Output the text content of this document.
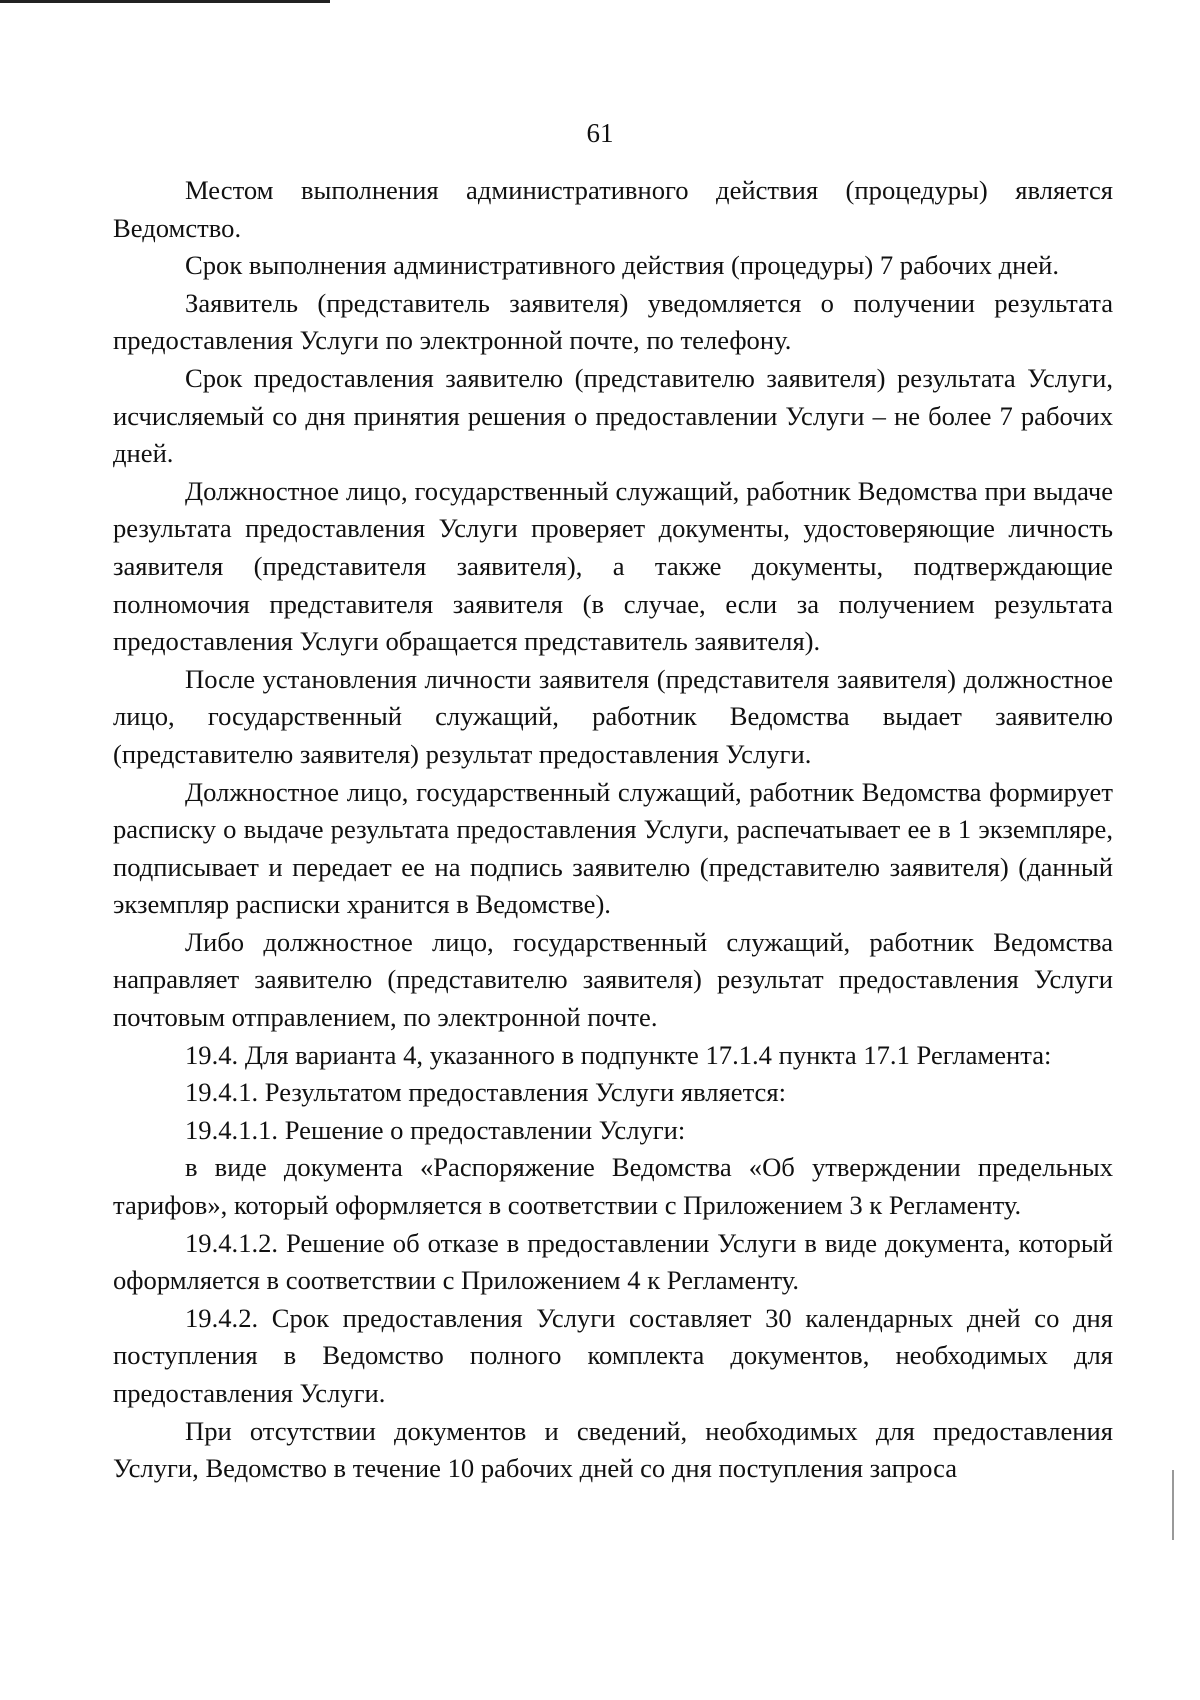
61

Местом выполнения административного действия (процедуры) является Ведомство.

Срок выполнения административного действия (процедуры) 7 рабочих дней.

Заявитель (представитель заявителя) уведомляется о получении результата предоставления Услуги по электронной почте, по телефону.

Срок предоставления заявителю (представителю заявителя) результата Услуги, исчисляемый со дня принятия решения о предоставлении Услуги – не более 7 рабочих дней.

Должностное лицо, государственный служащий, работник Ведомства при выдаче результата предоставления Услуги проверяет документы, удостоверяющие личность заявителя (представителя заявителя), а также документы, подтверждающие полномочия представителя заявителя (в случае, если за получением результата предоставления Услуги обращается представитель заявителя).

После установления личности заявителя (представителя заявителя) должностное лицо, государственный служащий, работник Ведомства выдает заявителю (представителю заявителя) результат предоставления Услуги.

Должностное лицо, государственный служащий, работник Ведомства формирует расписку о выдаче результата предоставления Услуги, распечатывает ее в 1 экземпляре, подписывает и передает ее на подпись заявителю (представителю заявителя) (данный экземпляр расписки хранится в Ведомстве).

Либо должностное лицо, государственный служащий, работник Ведомства направляет заявителю (представителю заявителя) результат предоставления Услуги почтовым отправлением, по электронной почте.

19.4. Для варианта 4, указанного в подпункте 17.1.4 пункта 17.1 Регламента:

19.4.1. Результатом предоставления Услуги является:

19.4.1.1. Решение о предоставлении Услуги:

в виде документа «Распоряжение Ведомства «Об утверждении предельных тарифов», который оформляется в соответствии с Приложением 3 к Регламенту.

19.4.1.2. Решение об отказе в предоставлении Услуги в виде документа, который оформляется в соответствии с Приложением 4 к Регламенту.

19.4.2. Срок предоставления Услуги составляет 30 календарных дней со дня поступления в Ведомство полного комплекта документов, необходимых для предоставления Услуги.

При отсутствии документов и сведений, необходимых для предоставления Услуги, Ведомство в течение 10 рабочих дней со дня поступления запроса
